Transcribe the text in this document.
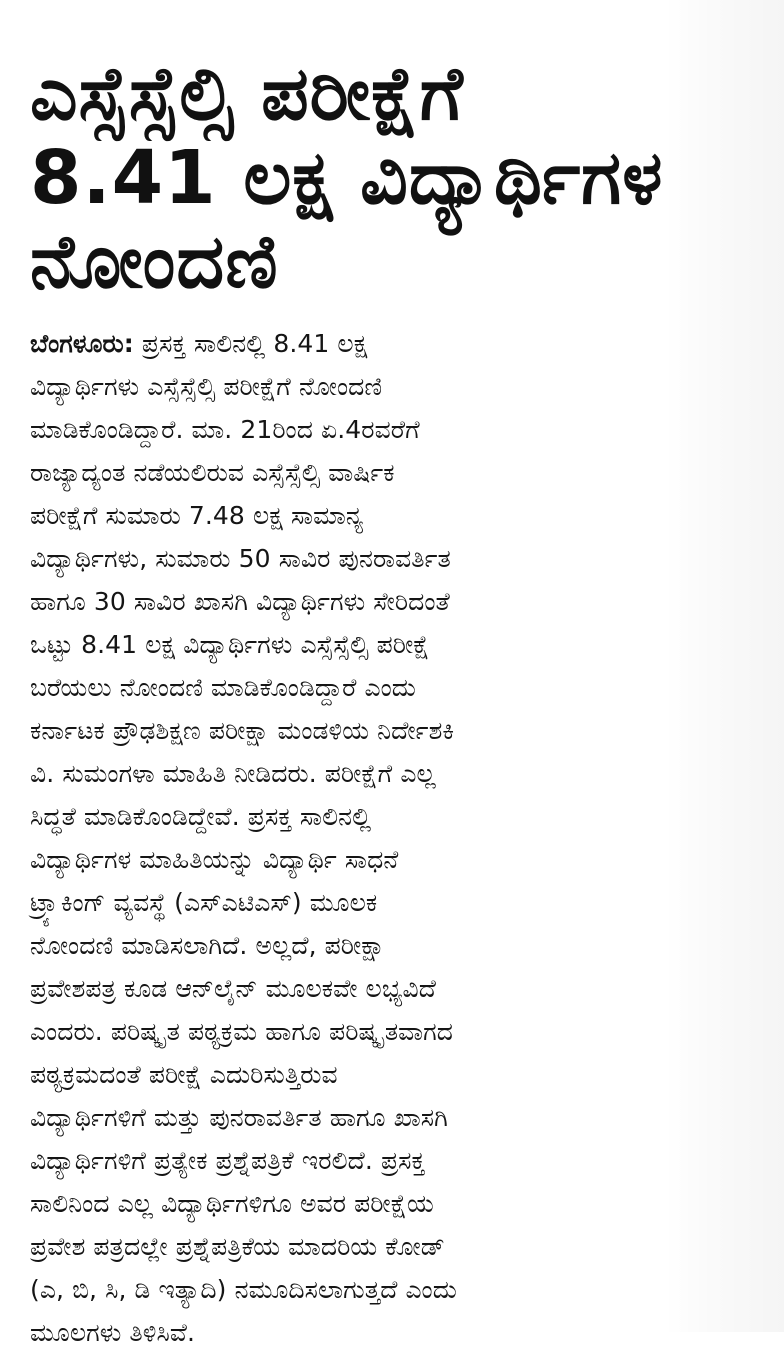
ಎಸ್ಸೆಸ್ಸೆಲ್ಸಿ ಪರೀಕ್ಷೆಗೆ
8.41 ಲಕ್ಷ ವಿದ್ಯಾರ್ಥಿಗಳ
ನೋಂದಣಿ
ಬೆಂಗಳೂರು: ಪ್ರಸಕ್ತ ಸಾಲಿನಲ್ಲಿ 8.41 ಲಕ್ಷ
ವಿದ್ಯಾರ್ಥಿಗಳು ಎಸ್ಸೆಸ್ಸೆಲ್ಸಿ ಪರೀಕ್ಷೆಗೆ ನೋಂದಣಿ
ಮಾಡಿಕೊಂಡಿದ್ದಾರೆ. ಮಾ. 21ರಿಂದ ಏ.4ರವರೆಗೆ
ರಾಜ್ಯಾದ್ಯಂತ ನಡೆಯಲಿರುವ ಎಸ್ಸೆಸ್ಸೆಲ್ಸಿ ವಾರ್ಷಿಕ
ಪರೀಕ್ಷೆಗೆ ಸುಮಾರು 7.48 ಲಕ್ಷ ಸಾಮಾನ್ಯ
ವಿದ್ಯಾರ್ಥಿಗಳು, ಸುಮಾರು 50 ಸಾವಿರ ಪುನರಾವರ್ತಿತ
ಹಾಗೂ 30 ಸಾವಿರ ಖಾಸಗಿ ವಿದ್ಯಾರ್ಥಿಗಳು ಸೇರಿದಂತೆ
ಒಟ್ಟು 8.41 ಲಕ್ಷ ವಿದ್ಯಾರ್ಥಿಗಳು ಎಸ್ಸೆಸ್ಸೆಲ್ಸಿ ಪರೀಕ್ಷೆ
ಬರೆಯಲು ನೋಂದಣಿ ಮಾಡಿಕೊಂಡಿದ್ದಾರೆ ಎಂದು
ಕರ್ನಾಟಕ ಪ್ರೌಢಶಿಕ್ಷಣ ಪರೀಕ್ಷಾ ಮಂಡಳಿಯ ನಿರ್ದೇಶಕಿ
ವಿ. ಸುಮಂಗಳಾ ಮಾಹಿತಿ ನೀಡಿದರು. ಪರೀಕ್ಷೆಗೆ ಎಲ್ಲ
ಸಿದ್ಧತೆ ಮಾಡಿಕೊಂಡಿದ್ದೇವೆ. ಪ್ರಸಕ್ತ ಸಾಲಿನಲ್ಲಿ
ವಿದ್ಯಾರ್ಥಿಗಳ ಮಾಹಿತಿಯನ್ನು ವಿದ್ಯಾರ್ಥಿ ಸಾಧನೆ
ಟ್ರ್ಯಾಕಿಂಗ್ ವ್ಯವಸ್ಥೆ (ಎಸ್ಎಟಿಎಸ್) ಮೂಲಕ
ನೋಂದಣಿ ಮಾಡಿಸಲಾಗಿದೆ. ಅಲ್ಲದೆ, ಪರೀಕ್ಷಾ
ಪ್ರವೇಶಪತ್ರ ಕೂಡ ಆನ್‌ಲೈನ್ ಮೂಲಕವೇ ಲಭ್ಯವಿದೆ
ಎಂದರು. ಪರಿಷ್ಕೃತ ಪಠ್ಯಕ್ರಮ ಹಾಗೂ ಪರಿಷ್ಕೃತವಾಗದ
ಪಠ್ಯಕ್ರಮದಂತೆ ಪರೀಕ್ಷೆ ಎದುರಿಸುತ್ತಿರುವ
ವಿದ್ಯಾರ್ಥಿಗಳಿಗೆ ಮತ್ತು ಪುನರಾವರ್ತಿತ ಹಾಗೂ ಖಾಸಗಿ
ವಿದ್ಯಾರ್ಥಿಗಳಿಗೆ ಪ್ರತ್ಯೇಕ ಪ್ರಶ್ನೆಪತ್ರಿಕೆ ಇರಲಿದೆ. ಪ್ರಸಕ್ತ
ಸಾಲಿನಿಂದ ಎಲ್ಲ ವಿದ್ಯಾರ್ಥಿಗಳಿಗೂ ಅವರ ಪರೀಕ್ಷೆಯ
ಪ್ರವೇಶ ಪತ್ರದಲ್ಲೇ ಪ್ರಶ್ನೆಪತ್ರಿಕೆಯ ಮಾದರಿಯ ಕೋಡ್
(ಎ, ಬಿ, ಸಿ, ಡಿ ಇತ್ಯಾದಿ) ನಮೂದಿಸಲಾಗುತ್ತದೆ ಎಂದು
ಮೂಲಗಳು ತಿಳಿಸಿವೆ.
